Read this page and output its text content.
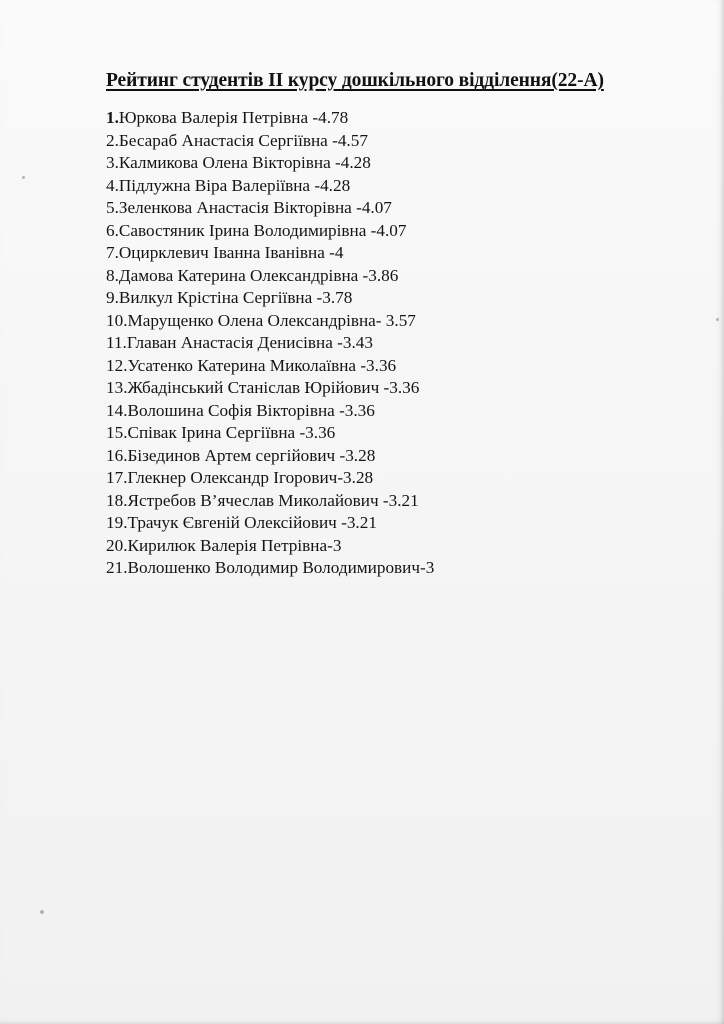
Рейтинг студентів II курсу дошкільного відділення(22-А)
1.Юркова Валерія Петрівна -4.78
2.Бесараб Анастасія Сергіївна -4.57
3.Калмикова Олена Вікторівна -4.28
4.Підлужна Віра Валеріївна -4.28
5.Зеленкова Анастасія Вікторівна -4.07
6.Савостяник Ірина Володимирівна -4.07
7.Оцирклевич Іванна Іванівна -4
8.Дамова Катерина Олександрівна -3.86
9.Вилкул Крістіна Сергіївна -3.78
10.Марущенко Олена Олександрівна- 3.57
11.Главан Анастасія Денисівна -3.43
12.Усатенко Катерина Миколаївна -3.36
13.Жбадінський Станіслав Юрійович -3.36
14.Волошина Софія Вікторівна -3.36
15.Співак Ірина Сергіївна -3.36
16.Бізединов Артем сергійович -3.28
17.Глекнер Олександр Ігорович-3.28
18.Ястребов В’ячеслав Миколайович -3.21
19.Трачук Євгеній Олексійович -3.21
20.Кирилюк Валерія Петрівна-3
21.Волошенко Володимир Володимирович-3
